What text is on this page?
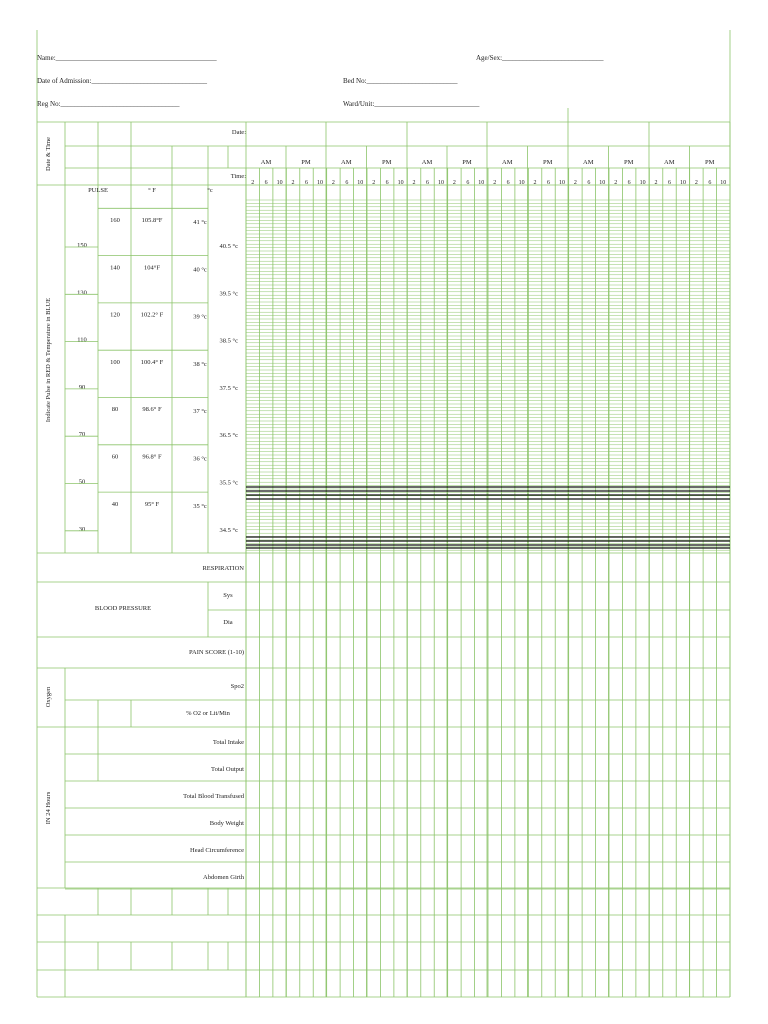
Name:______________________________________________	Age/Sex:_____________________________
Date of Admission:_________________________________	Bed No:__________________________
Reg No:__________________________________	Ward/Unit:______________________________
Date:
Time:
Date & Time	AM	PM	AM	PM	AM	PM	AM	PM	AM	PM	AM	PM
2 6 10 2 6 10 2 6 10 2 6 10 2 6 10 2 6 10 2 6 10 2 6 10 2 6 10 2 6 10 2 6 10 2 6 10
PULSE	° F	°c
150
160	105.8°F	41 °c
40.5 °c
130
140	104°F	40 °c
39.5 °c
110
120	102.2° F	39 °c
38.5 °c
90
100	100.4° F	38 °c
37.5 °c
70
80	98.6° F	37 °c
36.5 °c
50
60	96.8° F	36 °c
35.5 °c
30
40	95° F	35 °c
34.5 °c
Indicate Pulse in RED & Temperature in BLUE
RESPIRATION
BLOOD PRESSURE
Sys
Dia
PAIN SCORE (1-10)
Oxygen
Spo2
% O2 or Lit/Min
IN 24 Hours
Total Intake
Total Output
Total Blood Transfused
Body Weight
Head Circumference
Abdomen Girth
